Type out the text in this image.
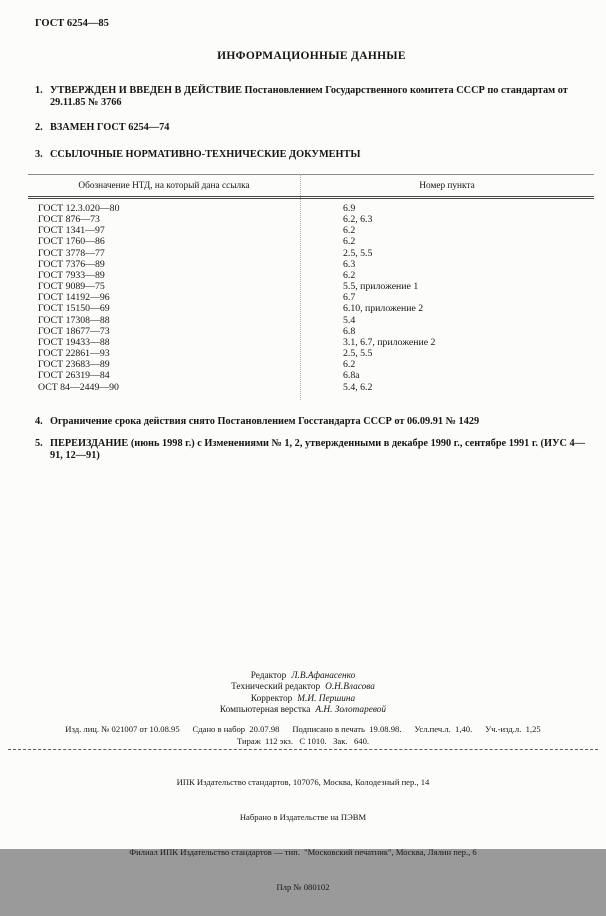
ГОСТ 6254—85
ИНФОРМАЦИОННЫЕ ДАННЫЕ
1. УТВЕРЖДЕН И ВВЕДЕН В ДЕЙСТВИЕ Постановлением Государственного комитета СССР по стандартам от 29.11.85 № 3766
2. ВЗАМЕН ГОСТ 6254—74
3. ССЫЛОЧНЫЕ НОРМАТИВНО-ТЕХНИЧЕСКИЕ ДОКУМЕНТЫ
Обозначение НТД, на который дана ссылка	Номер пункта
ГОСТ 12.3.020—80	6.9
ГОСТ 876—73	6.2, 6.3
ГОСТ 1341—97	6.2
ГОСТ 1760—86	6.2
ГОСТ 3778—77	2.5, 5.5
ГОСТ 7376—89	6.3
ГОСТ 7933—89	6.2
ГОСТ 9089—75	5.5, приложение 1
ГОСТ 14192—96	6.7
ГОСТ 15150—69	6.10, приложение 2
ГОСТ 17308—88	5.4
ГОСТ 18677—73	6.8
ГОСТ 19433—88	3.1, 6.7, приложение 2
ГОСТ 22861—93	2.5, 5.5
ГОСТ 23683—89	6.2
ГОСТ 26319—84	6.8а
ОСТ 84—2449—90	5.4, 6.2
4. Ограничение срока действия снято Постановлением Госстандарта СССР от 06.09.91 № 1429
5. ПЕРЕИЗДАНИЕ (июнь 1998 г.) с Изменениями № 1, 2, утвержденными в декабре 1990 г., сентябре 1991 г. (ИУС 4—91, 12—91)
Редактор Л.В.Афанасенко
Технический редактор О.Н.Власова
Корректор М.И. Першина
Компьютерная верстка А.Н. Золотаревой
Изд. лиц. № 021007 от 10.08.95      Сдано в набор  20.07.98      Подписано в печать  19.08.98.      Усл.печ.л.  1,40.      Уч.-изд.л.  1,25
Тираж  112 экз.   С 1010.   Зак.   640.

ИПК Издательство стандартов, 107076, Москва, Колодезный пер., 14

Набрано в Издательстве на ПЭВМ

Филиал ИПК Издательство стандартов — тип.  "Московский печатник", Москва, Лялин пер., 6

Плр № 080102
